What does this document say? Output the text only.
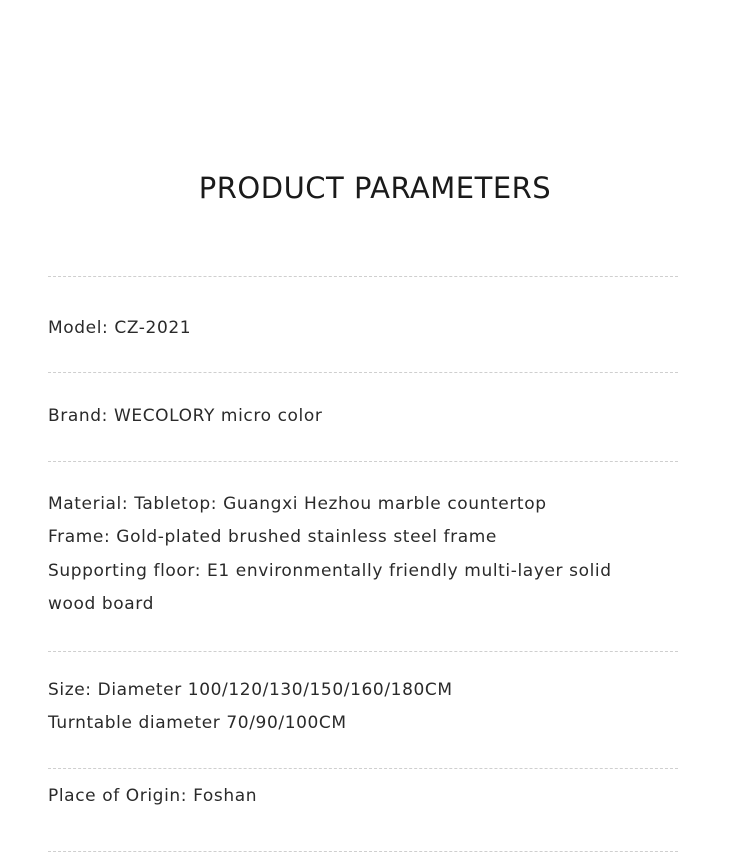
PRODUCT PARAMETERS
Model: CZ-2021
Brand: WECOLORY micro color
Material: Tabletop: Guangxi Hezhou marble countertop
Frame: Gold-plated brushed stainless steel frame
Supporting floor: E1 environmentally friendly multi-layer solid
wood board
Size: Diameter 100/120/130/150/160/180CM
Turntable diameter 70/90/100CM
Place of Origin: Foshan
